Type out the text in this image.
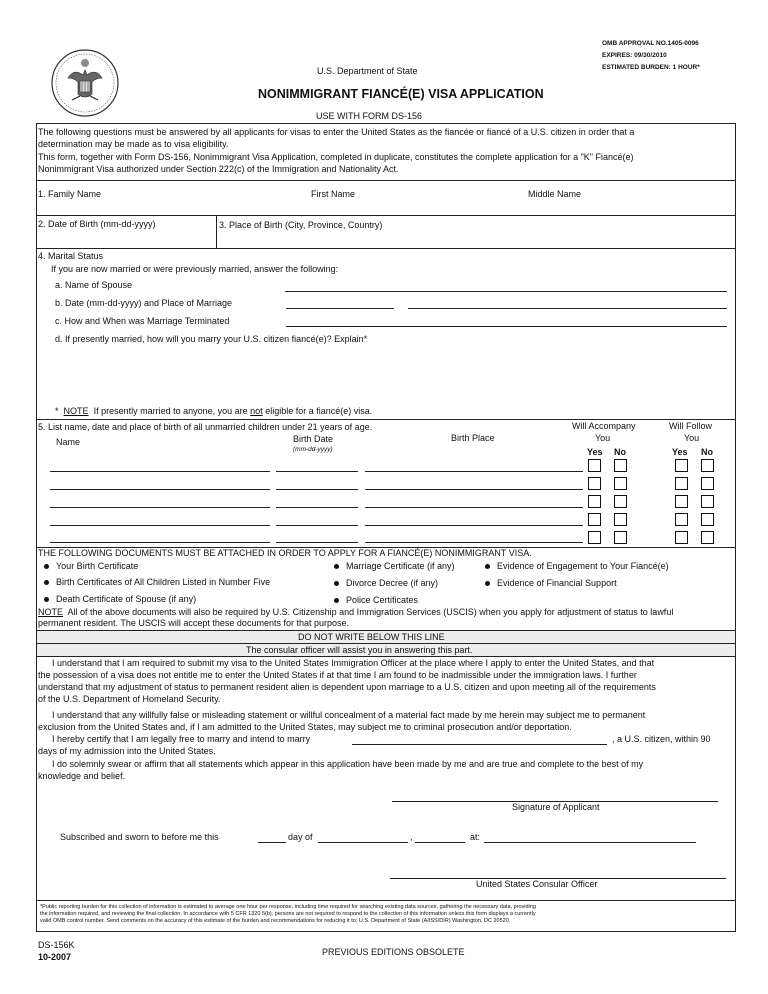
OMB APPROVAL NO.1405-0096
EXPIRES: 09/30/2010
ESTIMATED BURDEN: 1 HOUR*
U.S. Department of State
NONIMMIGRANT FIANCÉ(E) VISA APPLICATION
USE WITH FORM DS-156
The following questions must be answered by all applicants for visas to enter the United States as the fiancée or fiancé of a U.S. citizen in order that a
determination may be made as to visa eligibility.
This form, together with Form DS-156, Nonimmigrant Visa Application, completed in duplicate, constitutes the complete application for a "K" Fiancé(e)
Nonimmigrant Visa authorized under Section 222(c) of the Immigration and Nationality Act.
1. Family Name	First Name	Middle Name
2. Date of Birth (mm-dd-yyyy)	3. Place of Birth (City, Province, Country)
4. Marital Status
If you are now married or were previously married, answer the following:
a. Name of Spouse
b. Date (mm-dd-yyyy) and Place of Marriage
c. How and When was Marriage Terminated
d. If presently married, how will you marry your U.S. citizen fiancé(e)? Explain*
* NOTE If presently married to anyone, you are not eligible for a fiancé(e) visa.
5. List name, date and place of birth of all unmarried children under 21 years of age.
Name	Birth Date
(mm-dd-yyyy)
Birth Place
Will Accompany
You
Will Follow
You
Yes No	Yes No
THE FOLLOWING DOCUMENTS MUST BE ATTACHED IN ORDER TO APPLY FOR A FIANCÉ(E) NONIMMIGRANT VISA.
Your Birth Certificate
Birth Certificates of All Children Listed in Number Five
Death Certificate of Spouse (if any)
Marriage Certificate (if any)
Divorce Decree (if any)
Police Certificates
Evidence of Engagement to Your Fiancé(e)
Evidence of Financial Support
NOTE All of the above documents will also be required by U.S. Citizenship and Immigration Services (USCIS) when you apply for adjustment of status to lawful
permanent resident. The USCIS will accept these documents for that purpose.
DO NOT WRITE BELOW THIS LINE
The consular officer will assist you in answering this part.
I understand that I am required to submit my visa to the United States Immigration Officer at the place where I apply to enter the United States, and that
the possession of a visa does not entitle me to enter the United States if at that time I am found to be inadmissible under the immigration laws. I further
understand that my adjustment of status to permanent resident alien is dependent upon marriage to a U.S. citizen and upon meeting all of the requirements
of the U.S. Department of Homeland Security.
I understand that any willfully false or misleading statement or willful concealment of a material fact made by me herein may subject me to permanent
exclusion from the United States and, if I am admitted to the United States, may subject me to criminal prosecution and/or deportation.
I hereby certify that I am legally free to marry and intend to marry	, a U.S. citizen, within 90
days of my admission into the United States.
I do solemnly swear or affirm that all statements which appear in this application have been made by me and are true and complete to the best of my
knowledge and belief.
Signature of Applicant
Subscribed and sworn to before me this	day of	,	at:
United States Consular Officer
*Public reporting burden for this collection of information is estimated to average one hour per response, including time required for searching existing data sources, gathering the necessary data, providing
the information required, and reviewing the final collection. In accordance with 5 CFR 1320 5(b), persons are not required to respond to the collection of this information unless this form displays a currently
valid OMB control number. Send comments on the accuracy of this estimate of the burden and recommendations for reducing it to: U.S. Department of State (A/ISS/DIR) Washington, DC 20520.
DS-156K
10-2007	PREVIOUS EDITIONS OBSOLETE
